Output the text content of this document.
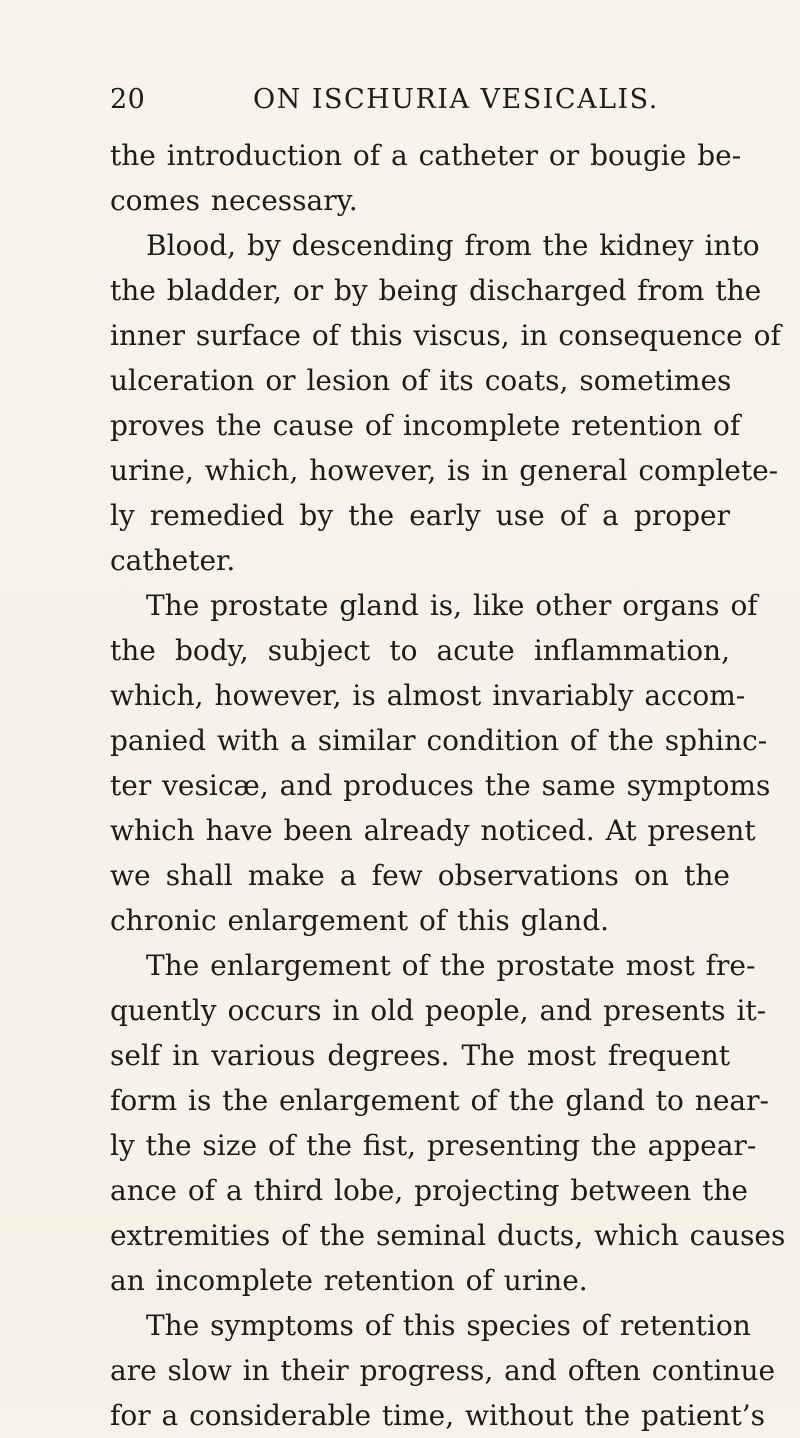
20	ON ISCHURIA VESICALIS.
the introduction of a catheter or bougie be-
comes necessary.
Blood, by descending from the kidney into
the bladder, or by being discharged from the
inner surface of this viscus, in consequence of
ulceration or lesion of its coats, sometimes
proves the cause of incomplete retention of
urine, which, however, is in general complete-
ly remedied by the early use of a proper
catheter.
The prostate gland is, like other organs of
the body, subject to acute inflammation,
which, however, is almost invariably accom-
panied with a similar condition of the sphinc-
ter vesicæ, and produces the same symptoms
which have been already noticed. At present
we shall make a few observations on the
chronic enlargement of this gland.
The enlargement of the prostate most fre-
quently occurs in old people, and presents it-
self in various degrees. The most frequent
form is the enlargement of the gland to near-
ly the size of the fist, presenting the appear-
ance of a third lobe, projecting between the
extremities of the seminal ducts, which causes
an incomplete retention of urine.
The symptoms of this species of retention
are slow in their progress, and often continue
for a considerable time, without the patient’s
